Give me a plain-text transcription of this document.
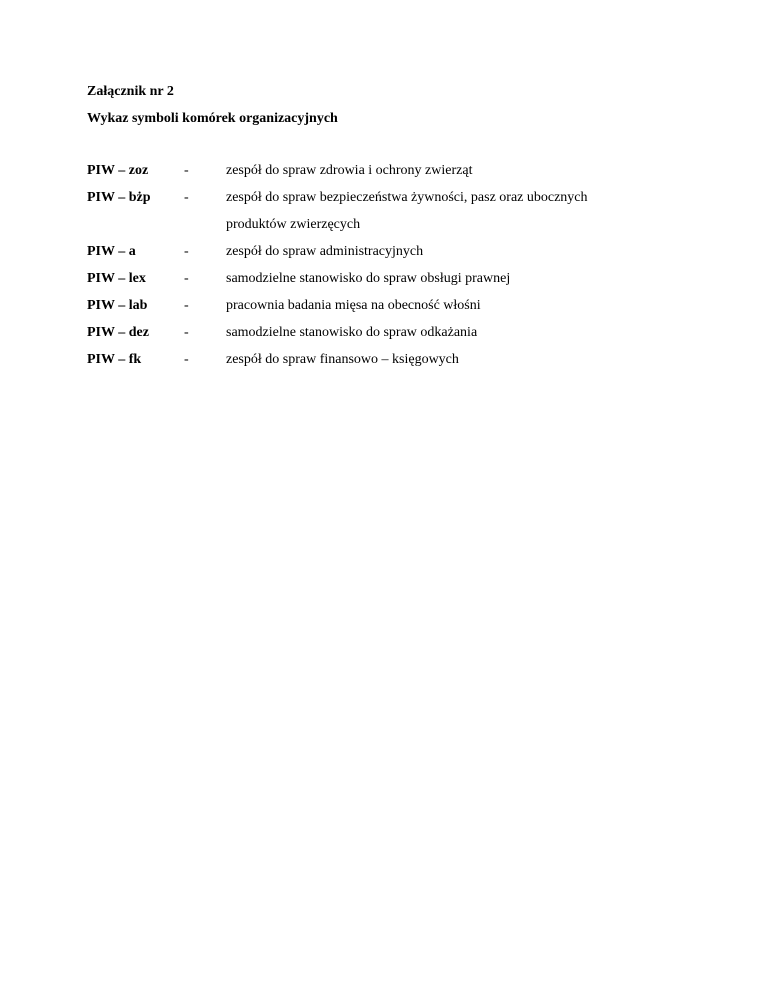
Załącznik nr 2
Wykaz symboli komórek organizacyjnych
PIW – zoz	-	zespół do spraw zdrowia i ochrony zwierząt
PIW – bżp	-	zespół do spraw bezpieczeństwa żywności, pasz oraz ubocznych
produktów zwierzęcych
PIW – a	-	zespół do spraw administracyjnych
PIW – lex	-	samodzielne stanowisko do spraw obsługi prawnej
PIW – lab	-	pracownia badania mięsa na obecność włośni
PIW – dez	-	samodzielne stanowisko do spraw odkażania
PIW – fk	-	zespół do spraw finansowo – księgowych
